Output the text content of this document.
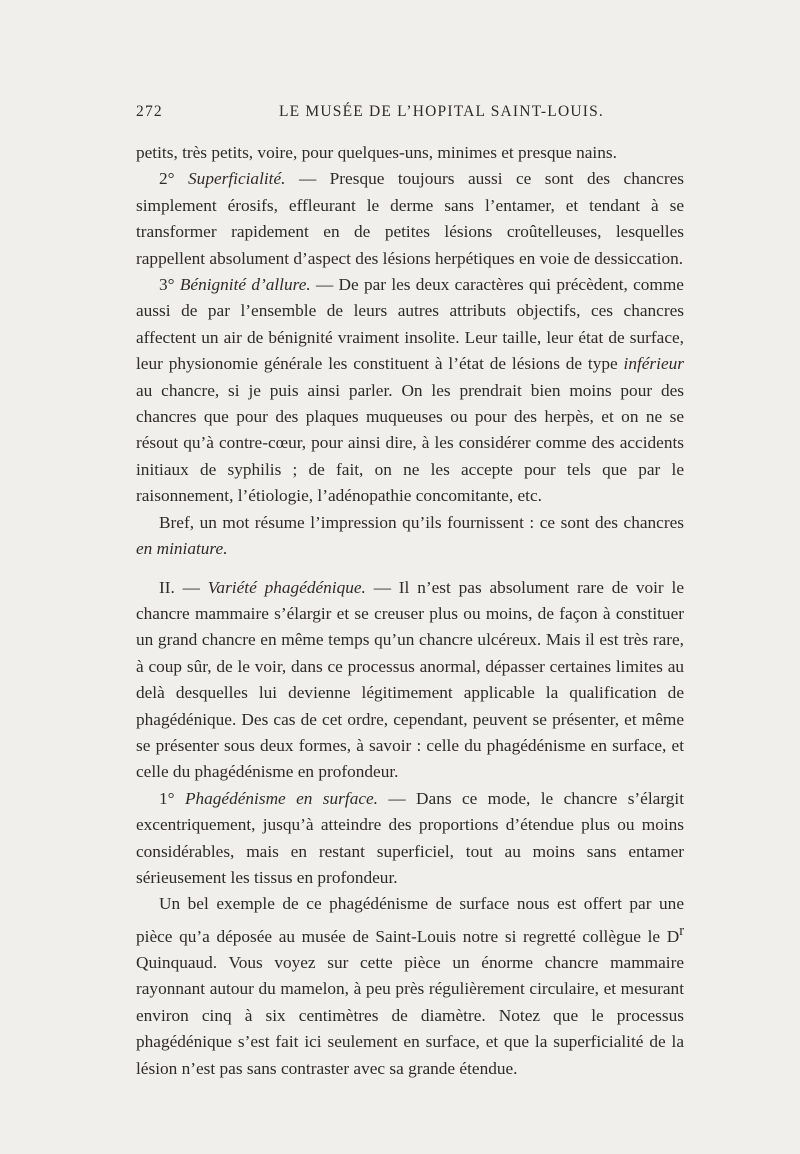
272	LE MUSÉE DE L’HOPITAL SAINT-LOUIS.

petits, très petits, voire, pour quelques-uns, minimes et presque nains.

2° Superficialité. — Presque toujours aussi ce sont des chancres simplement érosifs, effleurant le derme sans l’entamer, et tendant à se transformer rapidement en de petites lésions croûtelleuses, lesquelles rappellent absolument d’aspect des lésions herpétiques en voie de dessiccation.

3° Bénignité d’allure. — De par les deux caractères qui précèdent, comme aussi de par l’ensemble de leurs autres attributs objectifs, ces chancres affectent un air de bénignité vraiment insolite. Leur taille, leur état de surface, leur physionomie générale les constituent à l’état de lésions de type inférieur au chancre, si je puis ainsi parler. On les prendrait bien moins pour des chancres que pour des plaques muqueuses ou pour des herpès, et on ne se résout qu’à contre-cœur, pour ainsi dire, à les considérer comme des accidents initiaux de syphilis ; de fait, on ne les accepte pour tels que par le raisonnement, l’étiologie, l’adénopathie concomitante, etc.

Bref, un mot résume l’impression qu’ils fournissent : ce sont des chancres en miniature.

II. — Variété phagédénique. — Il n’est pas absolument rare de voir le chancre mammaire s’élargir et se creuser plus ou moins, de façon à constituer un grand chancre en même temps qu’un chancre ulcéreux. Mais il est très rare, à coup sûr, de le voir, dans ce processus anormal, dépasser certaines limites au delà desquelles lui devienne légitimement applicable la qualification de phagédénique. Des cas de cet ordre, cependant, peuvent se présenter, et même se présenter sous deux formes, à savoir : celle du phagédénisme en surface, et celle du phagédénisme en profondeur.

1° Phagédénisme en surface. — Dans ce mode, le chancre s’élargit excentriquement, jusqu’à atteindre des proportions d’étendue plus ou moins considérables, mais en restant superficiel, tout au moins sans entamer sérieusement les tissus en profondeur.

Un bel exemple de ce phagédénisme de surface nous est offert par une pièce qu’a déposée au musée de Saint-Louis notre si regretté collègue le $D^r$ Quinquaud. Vous voyez sur cette pièce un énorme chancre mammaire rayonnant autour du mamelon, à peu près régulièrement circulaire, et mesurant environ cinq à six centimètres de diamètre. Notez que le processus phagédénique s’est fait ici seulement en surface, et que la superficialité de la lésion n’est pas sans contraster avec sa grande étendue.
